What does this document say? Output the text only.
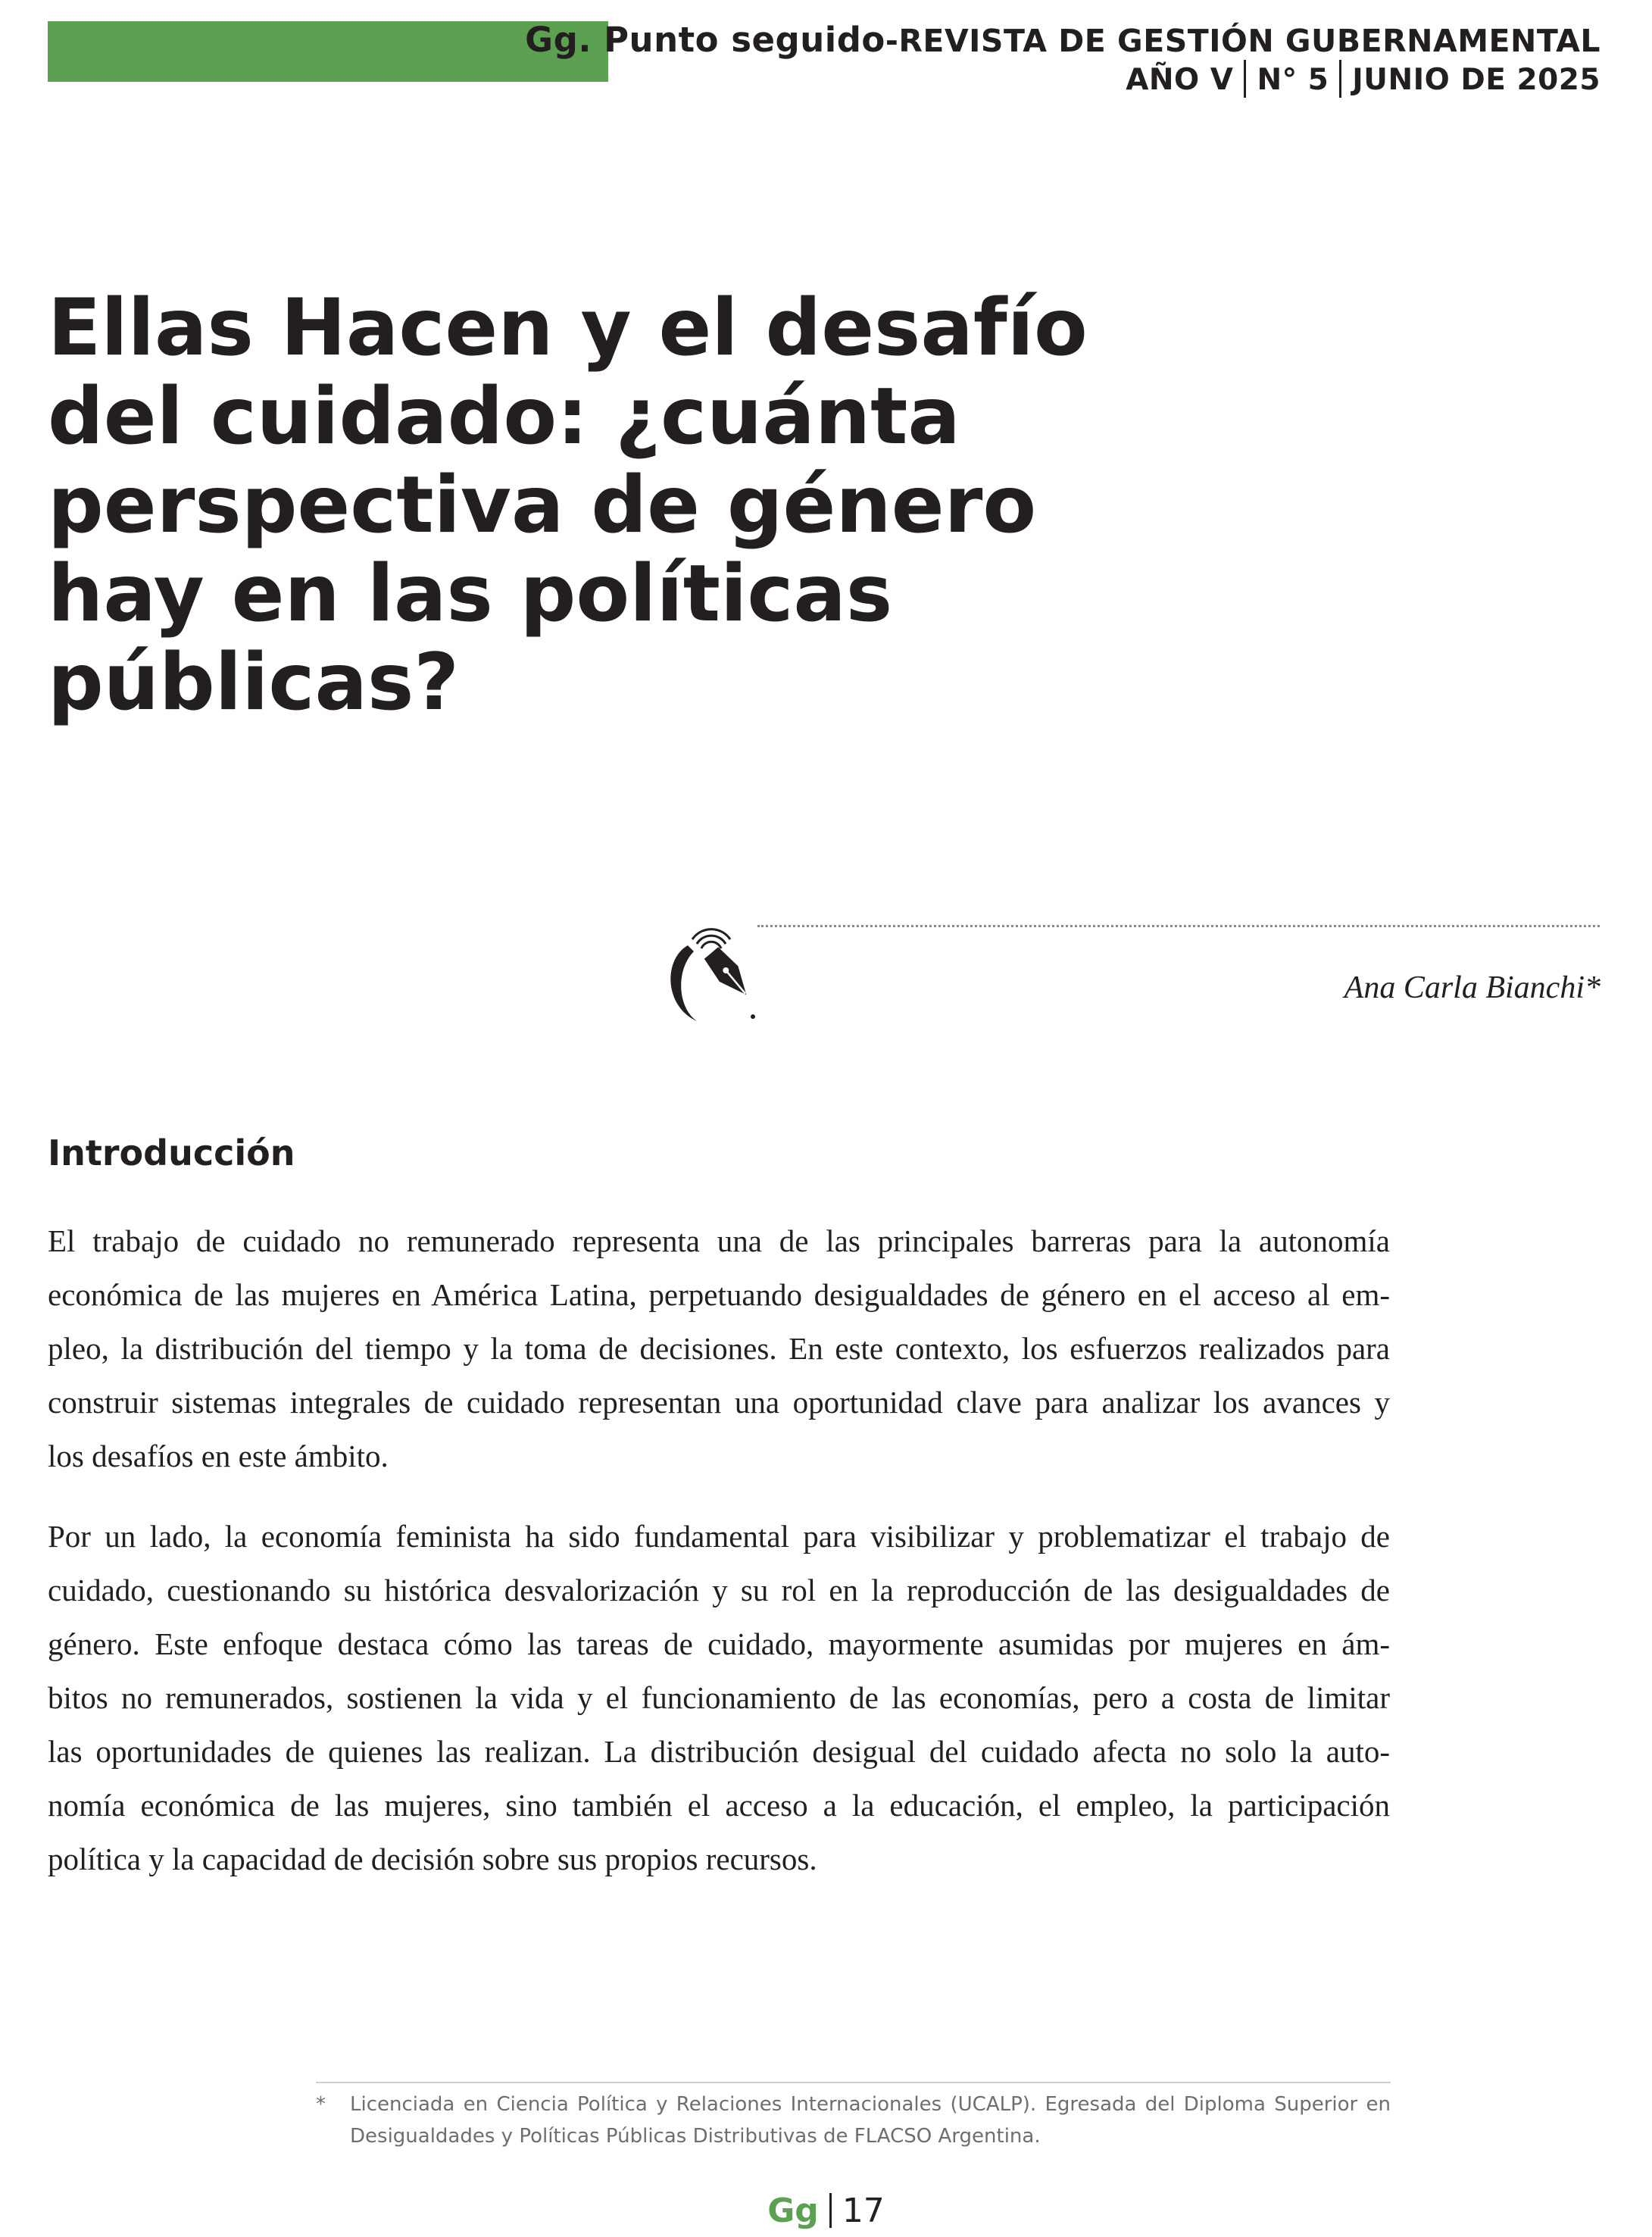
Gg. Punto seguido-REVISTA DE GESTIÓN GUBERNAMENTAL
AÑO V N° 5 JUNIO DE 2025
Ellas Hacen y el desafío
del cuidado: ¿cuánta
perspectiva de género
hay en las políticas
públicas?
Ana Carla Bianchi*
Introducción

El trabajo de cuidado no remunerado representa una de las principales barreras para la autonomía
económica de las mujeres en América Latina, perpetuando desigualdades de género en el acceso al em-
pleo, la distribución del tiempo y la toma de decisiones. En este contexto, los esfuerzos realizados para
construir sistemas integrales de cuidado representan una oportunidad clave para analizar los avances y
los desafíos en este ámbito.

Por un lado, la economía feminista ha sido fundamental para visibilizar y problematizar el trabajo de
cuidado, cuestionando su histórica desvalorización y su rol en la reproducción de las desigualdades de
género. Este enfoque destaca cómo las tareas de cuidado, mayormente asumidas por mujeres en ám-
bitos no remunerados, sostienen la vida y el funcionamiento de las economías, pero a costa de limitar
las oportunidades de quienes las realizan. La distribución desigual del cuidado afecta no solo la auto-
nomía económica de las mujeres, sino también el acceso a la educación, el empleo, la participación
política y la capacidad de decisión sobre sus propios recursos.

* Licenciada en Ciencia Política y Relaciones Internacionales (UCALP). Egresada del Diploma Superior en
Desigualdades y Políticas Públicas Distributivas de FLACSO Argentina.
Gg 17
